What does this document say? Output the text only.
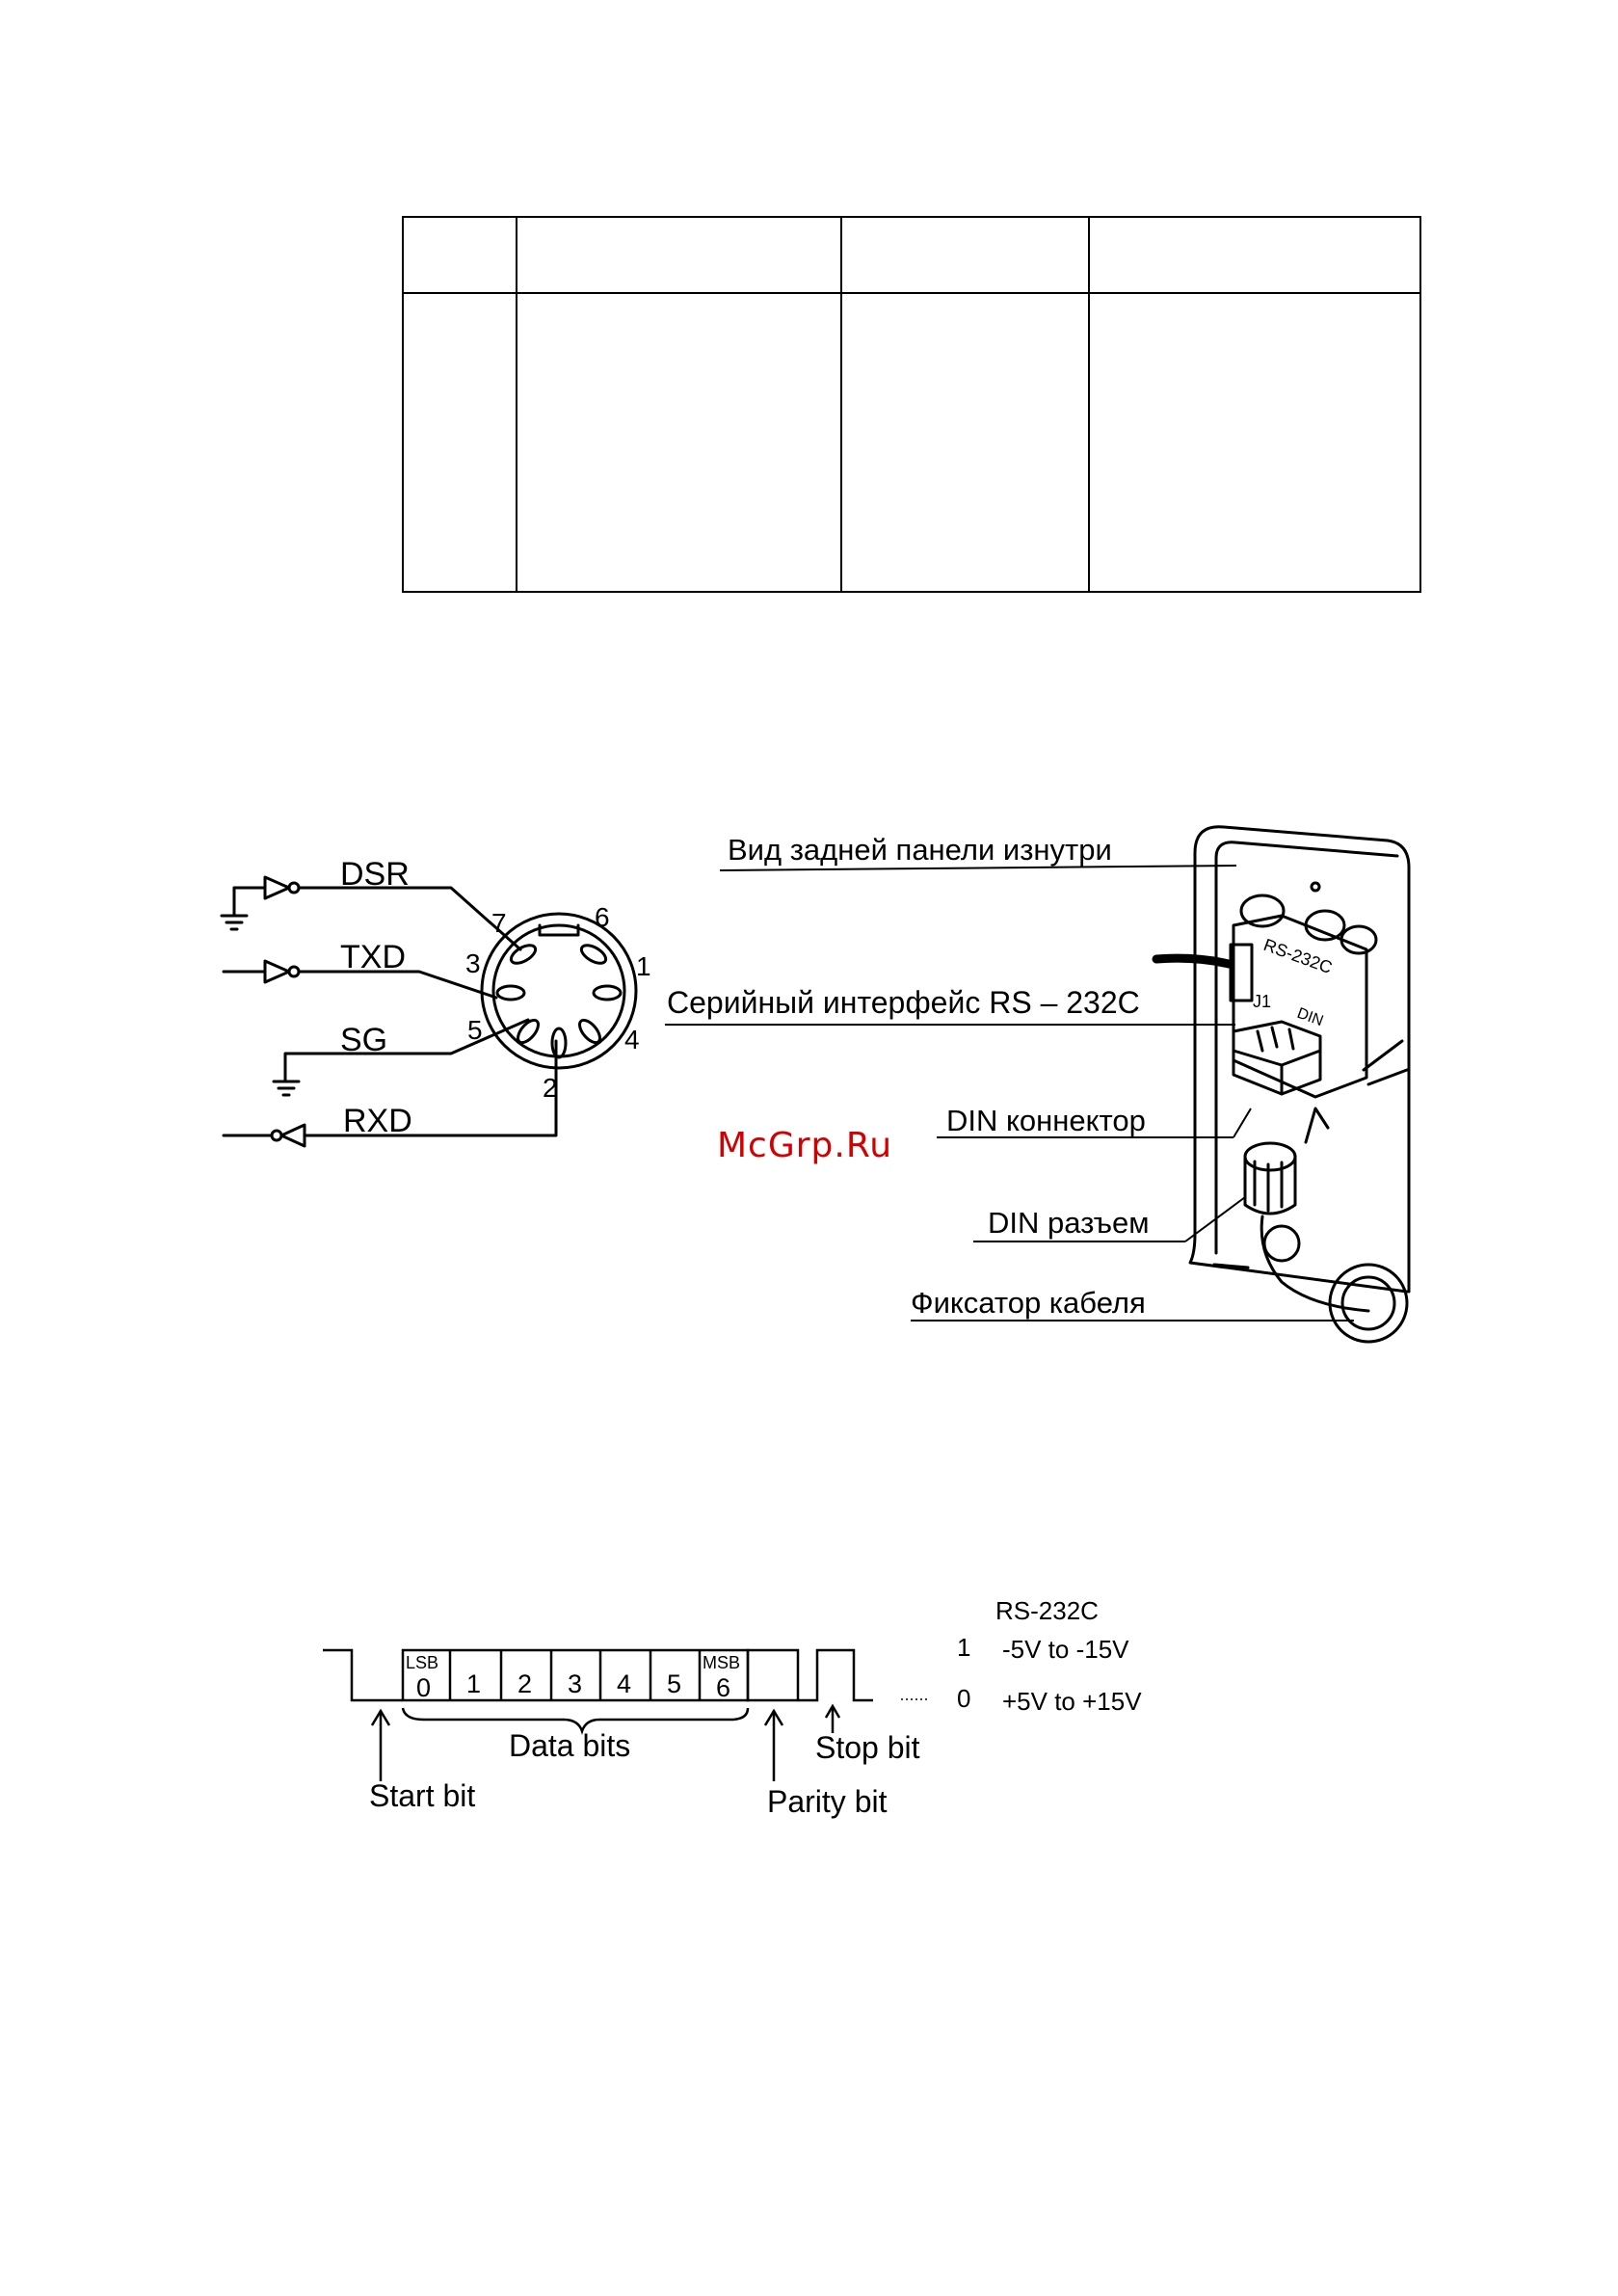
DSR
TXD
SG
RXD
7	6
3	1
5	4
2
Вид задней панели изнутри
Серийный интерфейс RS – 232C
DIN коннектор
DIN разъем
Фиксатор кабеля
RS-232C
J1
DIN
McGrp.Ru
LSB
0 1 2 3 4 5
MSB
6
Data bits
Start bit	Parity bit
Stop bit
RS-232C
1 -5V to -15V
0 +5V to +15V
